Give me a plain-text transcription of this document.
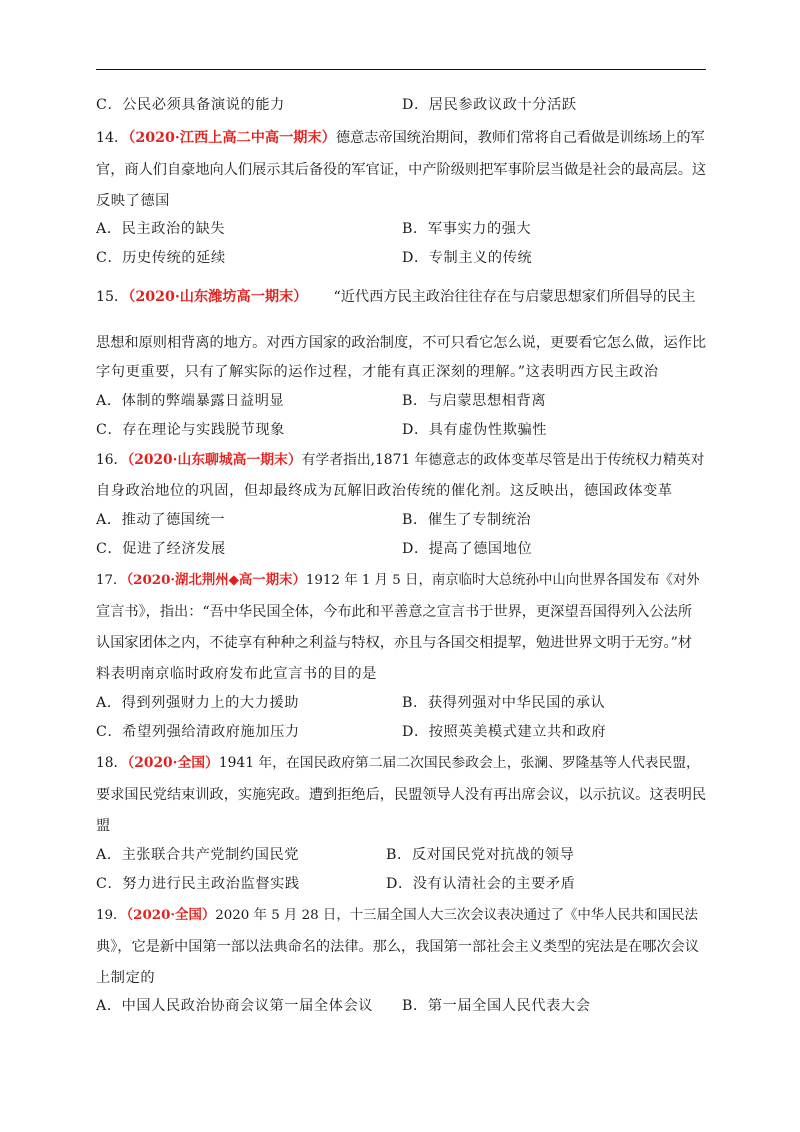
C．公民必须具备演说的能力	D．居民参政议政十分活跃
14．（2020·江西上高二中高一期末）德意志帝国统治期间，教师们常将自己看做是训练场上的军
官，商人们自豪地向人们展示其后备役的军官证，中产阶级则把军事阶层当做是社会的最高层。这
反映了德国
A．民主政治的缺失	B．军事实力的强大
C．历史传统的延续	D．专制主义的传统
15．（2020·山东潍坊高一期末） “近代西方民主政治往往存在与启蒙思想家们所倡导的民主
思想和原则相背离的地方。对西方国家的政治制度，不可只看它怎么说，更要看它怎么做，运作比
字句更重要，只有了解实际的运作过程，才能有真正深刻的理解。”这表明西方民主政治
A．体制的弊端暴露日益明显	B．与启蒙思想相背离
C．存在理论与实践脱节现象	D．具有虚伪性欺骗性
16．（2020·山东聊城高一期末）有学者指出,1871 年德意志的政体变革尽管是出于传统权力精英对
自身政治地位的巩固，但却最终成为瓦解旧政治传统的催化剂。这反映出，德国政体变革
A．推动了德国统一	B．催生了专制统治
C．促进了经济发展	D．提高了德国地位
17．（2020·湖北荆州◆高一期末）1912 年 1 月 5 日，南京临时大总统孙中山向世界各国发布《对外
宣言书》，指出：“吾中华民国全体，今布此和平善意之宣言书于世界，更深望吾国得列入公法所
认国家团体之内，不徒享有种种之利益与特权，亦且与各国交相提挈，勉进世界文明于无穷。”材
料表明南京临时政府发布此宣言书的目的是
A．得到列强财力上的大力援助	B．获得列强对中华民国的承认
C．希望列强给清政府施加压力	D．按照英美模式建立共和政府
18．（2020·全国）1941 年，在国民政府第二届二次国民参政会上，张澜、罗隆基等人代表民盟，
要求国民党结束训政，实施宪政。遭到拒绝后，民盟领导人没有再出席会议，以示抗议。这表明民
盟
A．主张联合共产党制约国民党	B．反对国民党对抗战的领导
C．努力进行民主政治监督实践	D．没有认清社会的主要矛盾
19．（2020·全国）2020 年 5 月 28 日，十三届全国人大三次会议表决通过了《中华人民共和国民法
典》，它是新中国第一部以法典命名的法律。那么，我国第一部社会主义类型的宪法是在哪次会议
上制定的
A．中国人民政治协商会议第一届全体会议 B．第一届全国人民代表大会
